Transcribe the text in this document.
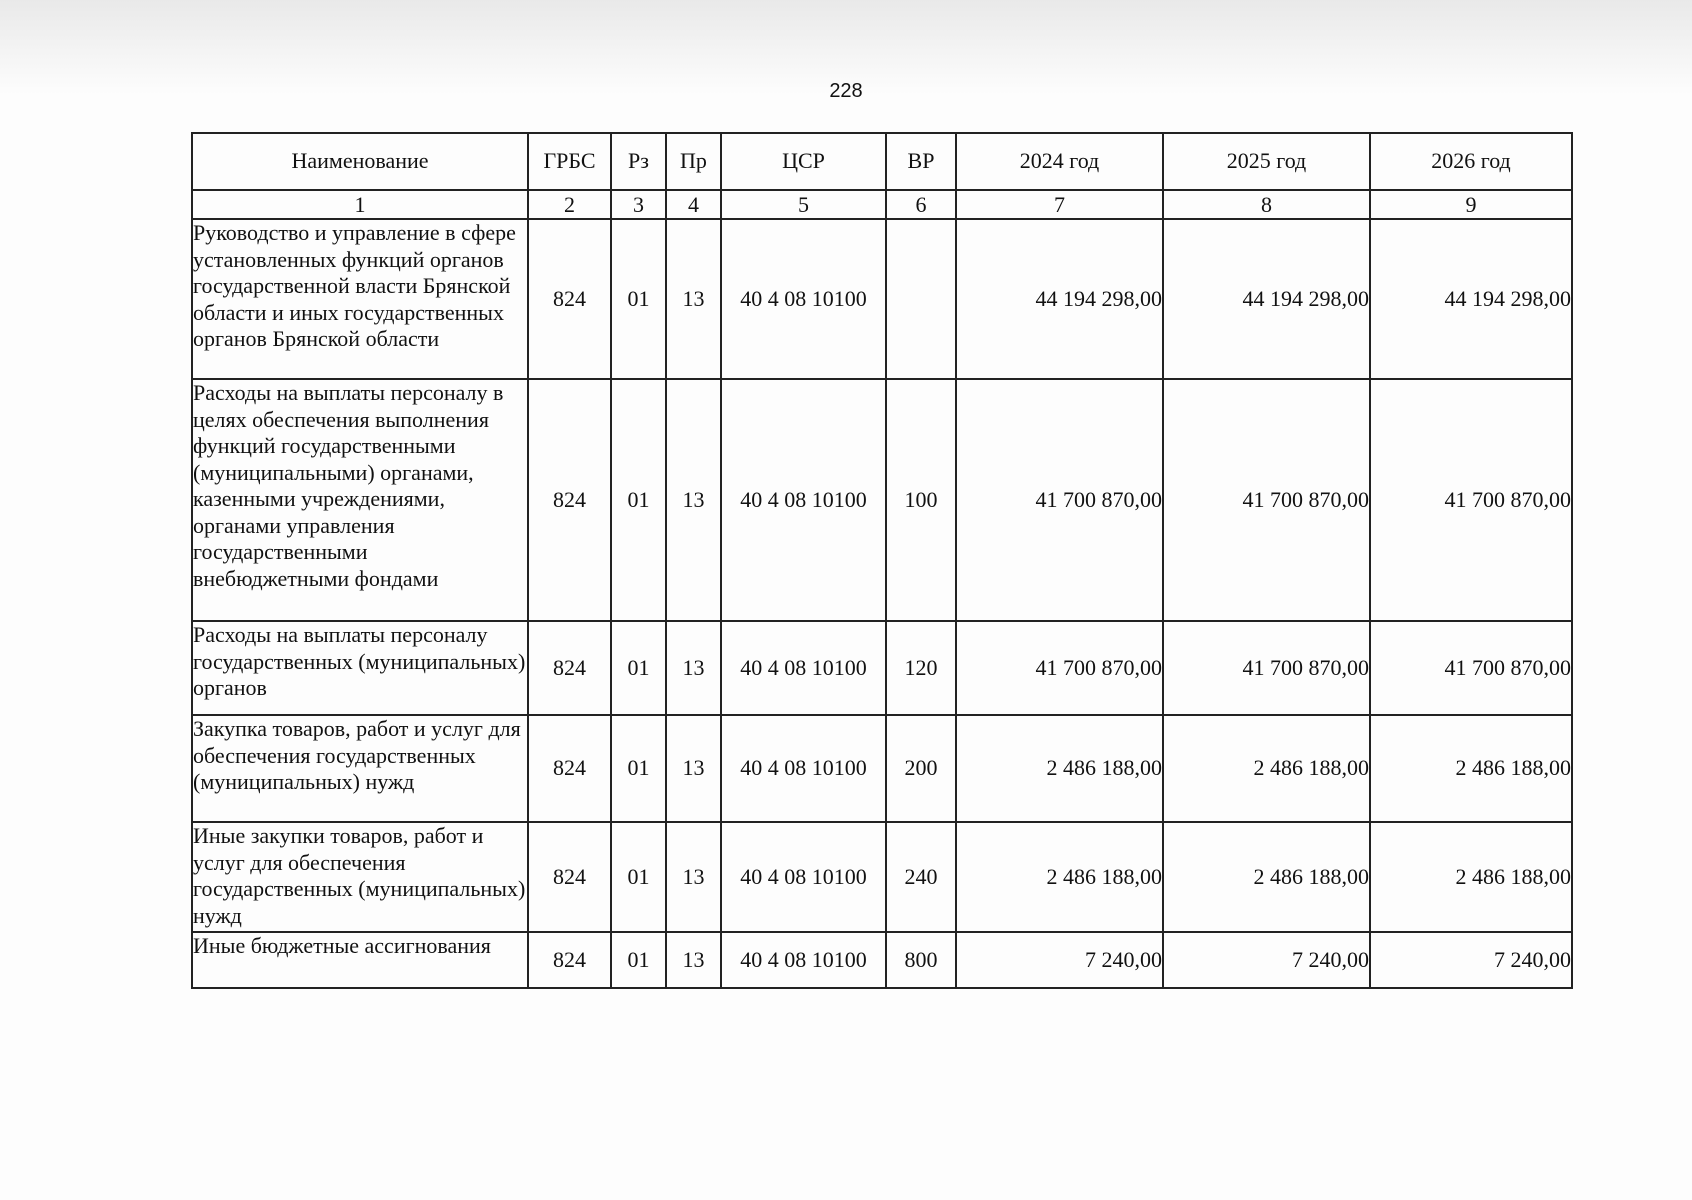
228
Наименование	ГРБС	Рз	Пр	ЦСР	ВР	2024 год	2025 год	2026 год
1	2	3	4	5	6	7	8	9
Руководство и управление в сфере установленных функций органов государственной власти Брянской области и иных государственных органов Брянской области	824	01	13	40 4 08 10100		44 194 298,00	44 194 298,00	44 194 298,00
Расходы на выплаты персоналу в целях обеспечения выполнения функций государственными (муниципальными) органами, казенными учреждениями, органами управления государственными внебюджетными фондами	824	01	13	40 4 08 10100	100	41 700 870,00	41 700 870,00	41 700 870,00
Расходы на выплаты персоналу государственных (муниципальных) органов	824	01	13	40 4 08 10100	120	41 700 870,00	41 700 870,00	41 700 870,00
Закупка товаров, работ и услуг для обеспечения государственных (муниципальных) нужд	824	01	13	40 4 08 10100	200	2 486 188,00	2 486 188,00	2 486 188,00
Иные закупки товаров, работ и услуг для обеспечения государственных (муниципальных) нужд	824	01	13	40 4 08 10100	240	2 486 188,00	2 486 188,00	2 486 188,00
Иные бюджетные ассигнования	824	01	13	40 4 08 10100	800	7 240,00	7 240,00	7 240,00
